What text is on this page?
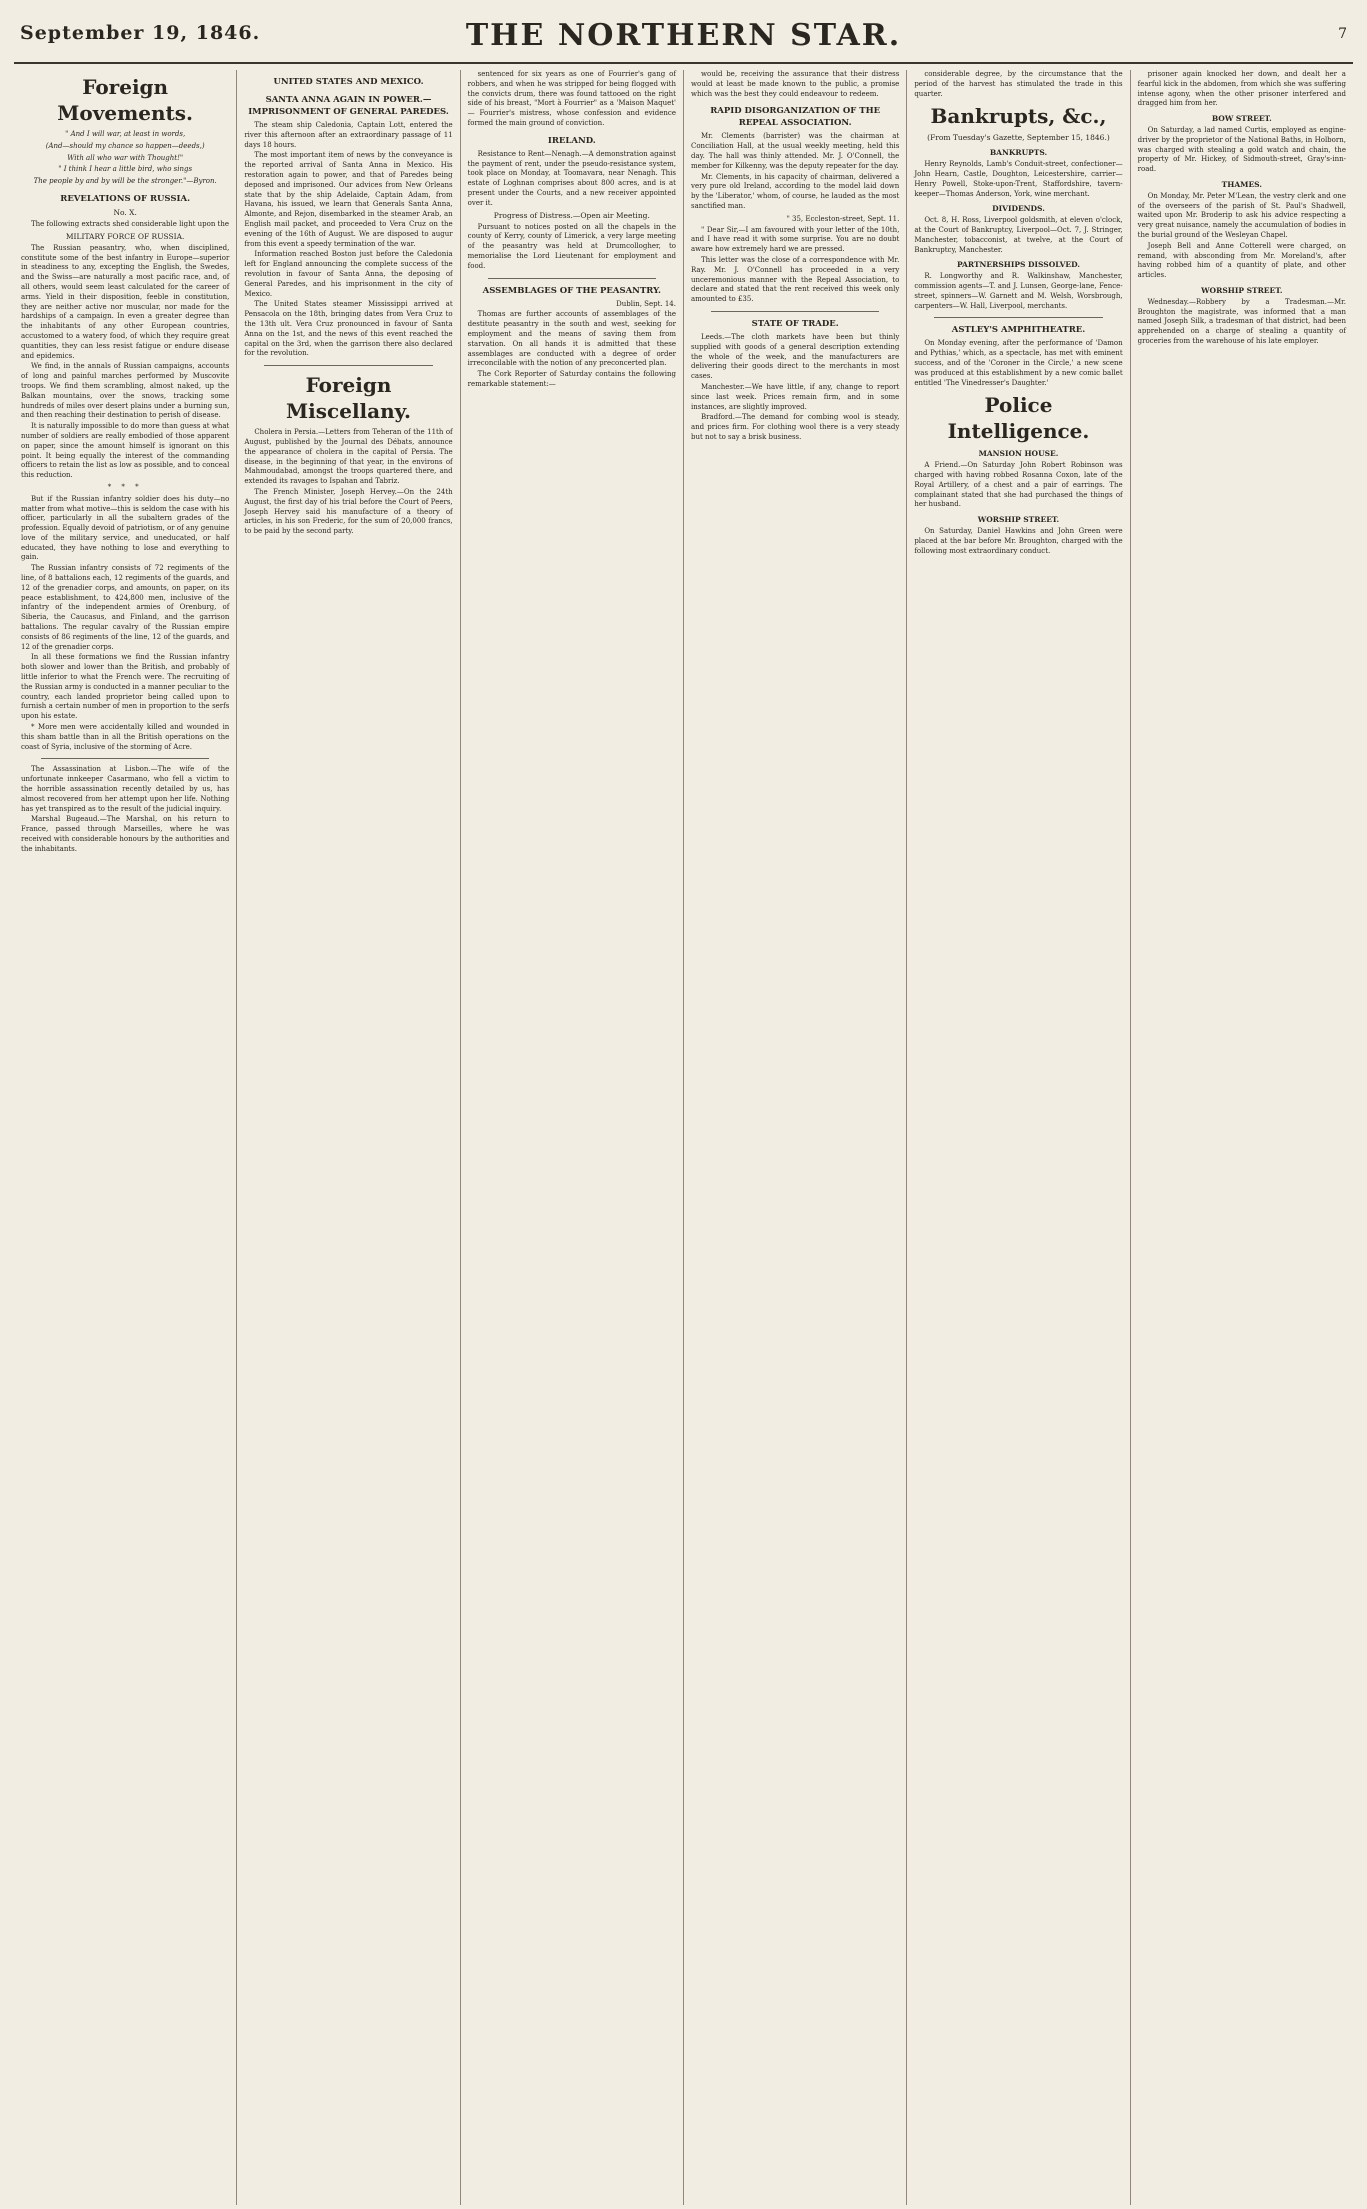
September 19, 1846.	THE NORTHERN STAR.	7
Foreign Movements.
" And I will war, at least in words,
(And—should my chance so happen—deeds,)
With all who war with Thought!"
" I think I hear a little bird, who sings
The people by and by will be the stronger."—Byron.
REVELATIONS OF RUSSIA.
No. X.

The following extracts shed considerable light upon the

MILITARY FORCE OF RUSSIA.

The Russian peasantry, who, when disciplined, constitute some of the best infantry in Europe—superior in steadiness to any, excepting the English, the Swedes, and the Swiss—are naturally a most pacific race, and, of all others, would seem least calculated for the career of arms. Yield in their disposition, feeble in constitution, they are neither active nor muscular, nor made for the hardships of a campaign. In even a greater degree than the inhabitants of any other European countries, accustomed to a watery food, of which they require great quantities, they can less resist fatigue or endure disease and epidemics.

We find, in the annals of Russian campaigns, accounts of long and painful marches performed by Muscovite troops. We find them scrambling, almost naked, up the Balkan mountains, over the snows, tracking some hundreds of miles over desert plains under a burning sun, and then reaching their destination to perish of disease.

It is naturally impossible to do more than guess at what number of soldiers are really embodied of those apparent on paper, since the amount himself is ignorant on this point. It being equally the interest of the commanding officers to retain the list as low as possible, and to conceal this reduction.

* * *

But if the Russian infantry soldier does his duty—no matter from what motive—this is seldom the case with his officer, particularly in all the subaltern grades of the profession. Equally devoid of patriotism, or of any genuine love of the military service, and uneducated, or half educated, they have nothing to lose and everything to gain.

The Russian infantry consists of 72 regiments of the line, of 8 battalions each, 12 regiments of the guards, and 12 of the grenadier corps, and amounts, on paper, on its peace establishment, to 424,800 men, inclusive of the infantry of the independent armies of Orenburg, of Siberia, the Caucasus, and Finland, and the garrison battalions. The regular cavalry of the Russian empire consists of 86 regiments of the line, 12 of the guards, and 12 of the grenadier corps.

In all these formations we find the Russian infantry both slower and lower than the British, and probably of little inferior to what the French were. The recruiting of the Russian army is conducted in a manner peculiar to the country, each landed proprietor being called upon to furnish a certain number of men in proportion to the serfs upon his estate.

* More men were accidentally killed and wounded in this sham battle than in all the British operations on the coast of Syria, inclusive of the storming of Acre.

The Assassination at Lisbon.—The wife of the unfortunate innkeeper Casarmano, who fell a victim to the horrible assassination recently detailed by us, has almost recovered from her attempt upon her life. Nothing has yet transpired as to the result of the judicial inquiry.

Marshal Bugeaud.—The Marshal, on his return to France, passed through Marseilles, where he was received with considerable honours by the authorities and the inhabitants.

UNITED STATES AND MEXICO.
SANTA ANNA AGAIN IN POWER.—IMPRISONMENT OF GENERAL PAREDES.

The steam ship Caledonia, Captain Lott, entered the river this afternoon after an extraordinary passage of 11 days 18 hours.

The most important item of news by the conveyance is the reported arrival of Santa Anna in Mexico. His restoration again to power, and that of Paredes being deposed and imprisoned. Our advices from New Orleans state that by the ship Adelaide, Captain Adam, from Havana, his issued, we learn that Generals Santa Anna, Almonte, and Rejon, disembarked in the steamer Arab, an English mail packet, and proceeded to Vera Cruz on the evening of the 16th of August. We are disposed to augur from this event a speedy termination of the war.

Information reached Boston just before the Caledonia left for England announcing the complete success of the revolution in favour of Santa Anna, the deposing of General Paredes, and his imprisonment in the city of Mexico.

The United States steamer Mississippi arrived at Pensacola on the 18th, bringing dates from Vera Cruz to the 13th ult. Vera Cruz pronounced in favour of Santa Anna on the 1st, and the news of this event reached the capital on the 3rd, when the garrison there also declared for the revolution.

Foreign Miscellany.

Cholera in Persia.—Letters from Teheran of the 11th of August, published by the Journal des Débats, announce the appearance of cholera in the capital of Persia. The disease, in the beginning of that year, in the environs of Mahmoudabad, amongst the troops quartered there, and extended its ravages to Ispahan and Tabriz.

The French Minister, Joseph Hervey.—On the 24th August, the first day of his trial before the Court of Peers, Joseph Hervey said his manufacture of a theory of articles, in his son Frederic, for the sum of 20,000 francs, to be paid by the second party.

sentenced for six years as one of Fourrier's gang of robbers, and when he was stripped for being flogged with the convicts drum, there was found tattooed on the right side of his breast, "Mort à Fourrier" as a 'Maison Maquet' — Fourrier's mistress, whose confession and evidence formed the main ground of conviction.

IRELAND.

Resistance to Rent—Nenagh.—A demonstration against the payment of rent, under the pseudo-resistance system, took place on Monday, at Toomavara, near Nenagh. This estate of Loghnan comprises about 800 acres, and is at present under the Courts, and a new receiver appointed over it.

Progress of Distress.—Open air Meeting.

Pursuant to notices posted on all the chapels in the county of Kerry, county of Limerick, a very large meeting of the peasantry was held at Drumcollogher, to memorialise the Lord Lieutenant for employment and food.

ASSEMBLAGES OF THE PEASANTRY.
Dublin, Sept. 14.

Thomas are further accounts of assemblages of the destitute peasantry in the south and west, seeking for employment and the means of saving them from starvation. On all hands it is admitted that these assemblages are conducted with a degree of order irreconcilable with the notion of any preconcerted plan.

The Cork Reporter of Saturday contains the following remarkable statement:—

would be, receiving the assurance that their distress would at least be made known to the public, a promise which was the best they could endeavour to redeem.

RAPID DISORGANIZATION OF THE REPEAL ASSOCIATION.

Mr. Clements (barrister) was the chairman at Conciliation Hall, at the usual weekly meeting, held this day. The hall was thinly attended. Mr. J. O'Connell, the member for Kilkenny, was the deputy repeater for the day.

Mr. Clements, in his capacity of chairman, delivered a very pure old Ireland, according to the model laid down by the 'Liberator,' whom, of course, he lauded as the most sanctified man.

" 35, Eccleston-street, Sept. 11.

" Dear Sir,—I am favoured with your letter of the 10th, and I have read it with some surprise. You are no doubt aware how extremely hard we are pressed.

This letter was the close of a correspondence with Mr. Ray. Mr. J. O'Connell has proceeded in a very unceremonious manner with the Repeal Association, to declare and stated that the rent received this week only amounted to £35.

STATE OF TRADE.

Leeds.—The cloth markets have been but thinly supplied with goods of a general description extending the whole of the week, and the manufacturers are delivering their goods direct to the merchants in most cases.

Manchester.—We have little, if any, change to report since last week. Prices remain firm, and in some instances, are slightly improved.

Bradford.—The demand for combing wool is steady, and prices firm. For clothing wool there is a very steady but not to say a brisk business.

considerable degree, by the circumstance that the period of the harvest has stimulated the trade in this quarter.

Bankrupts, &c.,
(From Tuesday's Gazette, September 15, 1846.)
BANKRUPTS.

Henry Reynolds, Lamb's Conduit-street, confectioner—John Hearn, Castle, Doughton, Leicestershire, carrier—Henry Powell, Stoke-upon-Trent, Staffordshire, tavern-keeper—Thomas Anderson, York, wine merchant.

DIVIDENDS.

Oct. 8, H. Ross, Liverpool goldsmith, at eleven o'clock, at the Court of Bankruptcy, Liverpool—Oct. 7, J. Stringer, Manchester, tobacconist, at twelve, at the Court of Bankruptcy, Manchester.

PARTNERSHIPS DISSOLVED.

R. Longworthy and R. Walkinshaw, Manchester, commission agents—T. and J. Lunsen, George-lane, Fence-street, spinners—W. Garnett and M. Welsh, Worsbrough, carpenters—W. Hall, Liverpool, merchants.

ASTLEY'S AMPHITHEATRE.

On Monday evening, after the performance of 'Damon and Pythias,' which, as a spectacle, has met with eminent success, and of the 'Coroner in the Circle,' a new scene was produced at this establishment by a new comic ballet entitled 'The Vinedresser's Daughter.'

Police Intelligence.
MANSION HOUSE.

A Friend.—On Saturday John Robert Robinson was charged with having robbed Rosanna Coxon, late of the Royal Artillery, of a chest and a pair of earrings. The complainant stated that she had purchased the things of her husband.

WORSHIP STREET.

On Saturday, Daniel Hawkins and John Green were placed at the bar before Mr. Broughton, charged with the following most extraordinary conduct.

prisoner again knocked her down, and dealt her a fearful kick in the abdomen, from which she was suffering intense agony, when the other prisoner interfered and dragged him from her.

BOW STREET.

On Saturday, a lad named Curtis, employed as engine-driver by the proprietor of the National Baths, in Holborn, was charged with stealing a gold watch and chain, the property of Mr. Hickey, of Sidmouth-street, Gray's-inn-road.

THAMES.

On Monday, Mr. Peter M'Lean, the vestry clerk and one of the overseers of the parish of St. Paul's Shadwell, waited upon Mr. Broderip to ask his advice respecting a very great nuisance, namely the accumulation of bodies in the burial ground of the Wesleyan Chapel.

Joseph Bell and Anne Cotterell were charged, on remand, with absconding from Mr. Moreland's, after having robbed him of a quantity of plate, and other articles.

WORSHIP STREET.

Wednesday.—Robbery by a Tradesman.—Mr. Broughton the magistrate, was informed that a man named Joseph Silk, a tradesman of that district, had been apprehended on a charge of stealing a quantity of groceries from the warehouse of his late employer.
